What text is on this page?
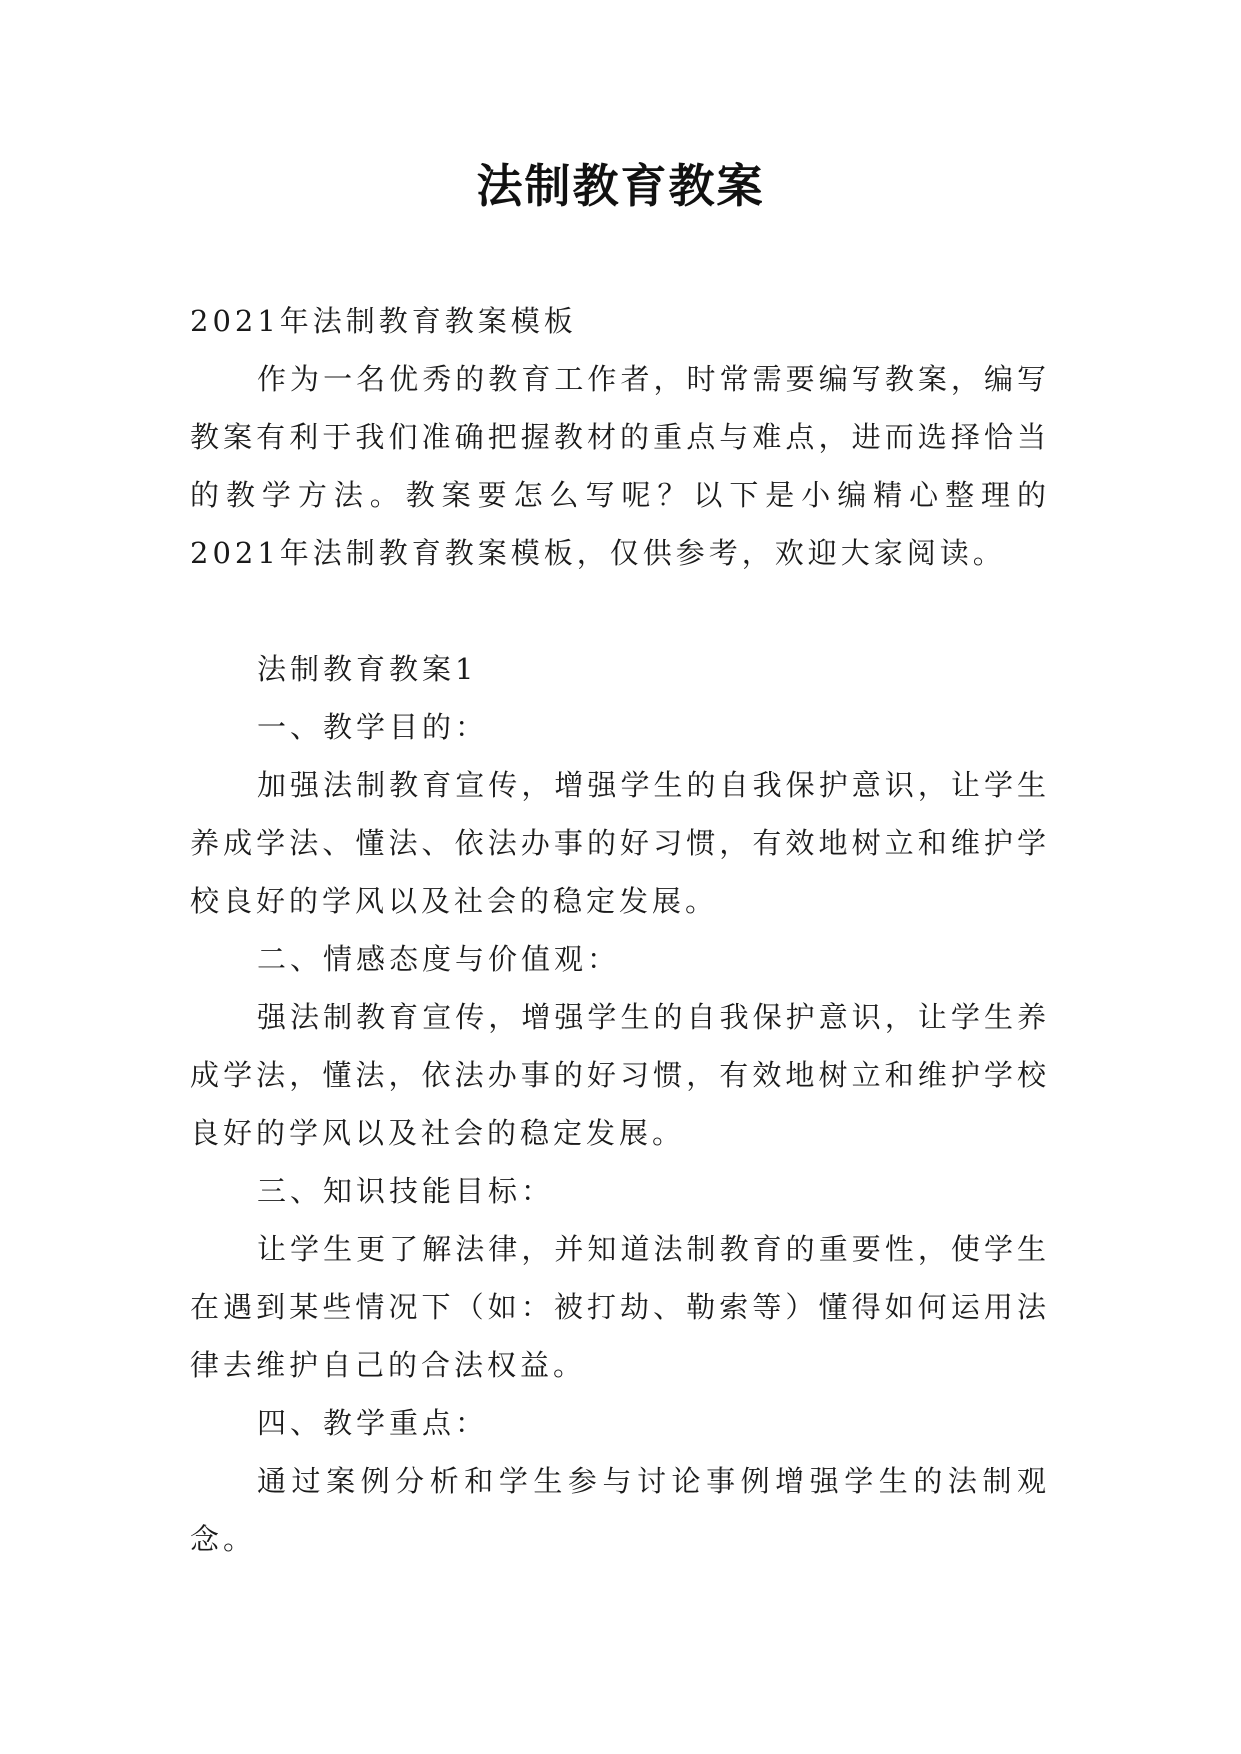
法制教育教案

2021年法制教育教案模板

作为一名优秀的教育工作者，时常需要编写教案，编写教案有利于我们准确把握教材的重点与难点，进而选择恰当的教学方法。教案要怎么写呢？以下是小编精心整理的2021年法制教育教案模板，仅供参考，欢迎大家阅读。

法制教育教案1

一、教学目的：

加强法制教育宣传，增强学生的自我保护意识，让学生养成学法、懂法、依法办事的好习惯，有效地树立和维护学校良好的学风以及社会的稳定发展。

二、情感态度与价值观：

强法制教育宣传，增强学生的自我保护意识，让学生养成学法，懂法，依法办事的好习惯，有效地树立和维护学校良好的学风以及社会的稳定发展。

三、知识技能目标：

让学生更了解法律，并知道法制教育的重要性，使学生在遇到某些情况下（如：被打劫、勒索等）懂得如何运用法律去维护自己的合法权益。

四、教学重点：

通过案例分析和学生参与讨论事例增强学生的法制观念。
